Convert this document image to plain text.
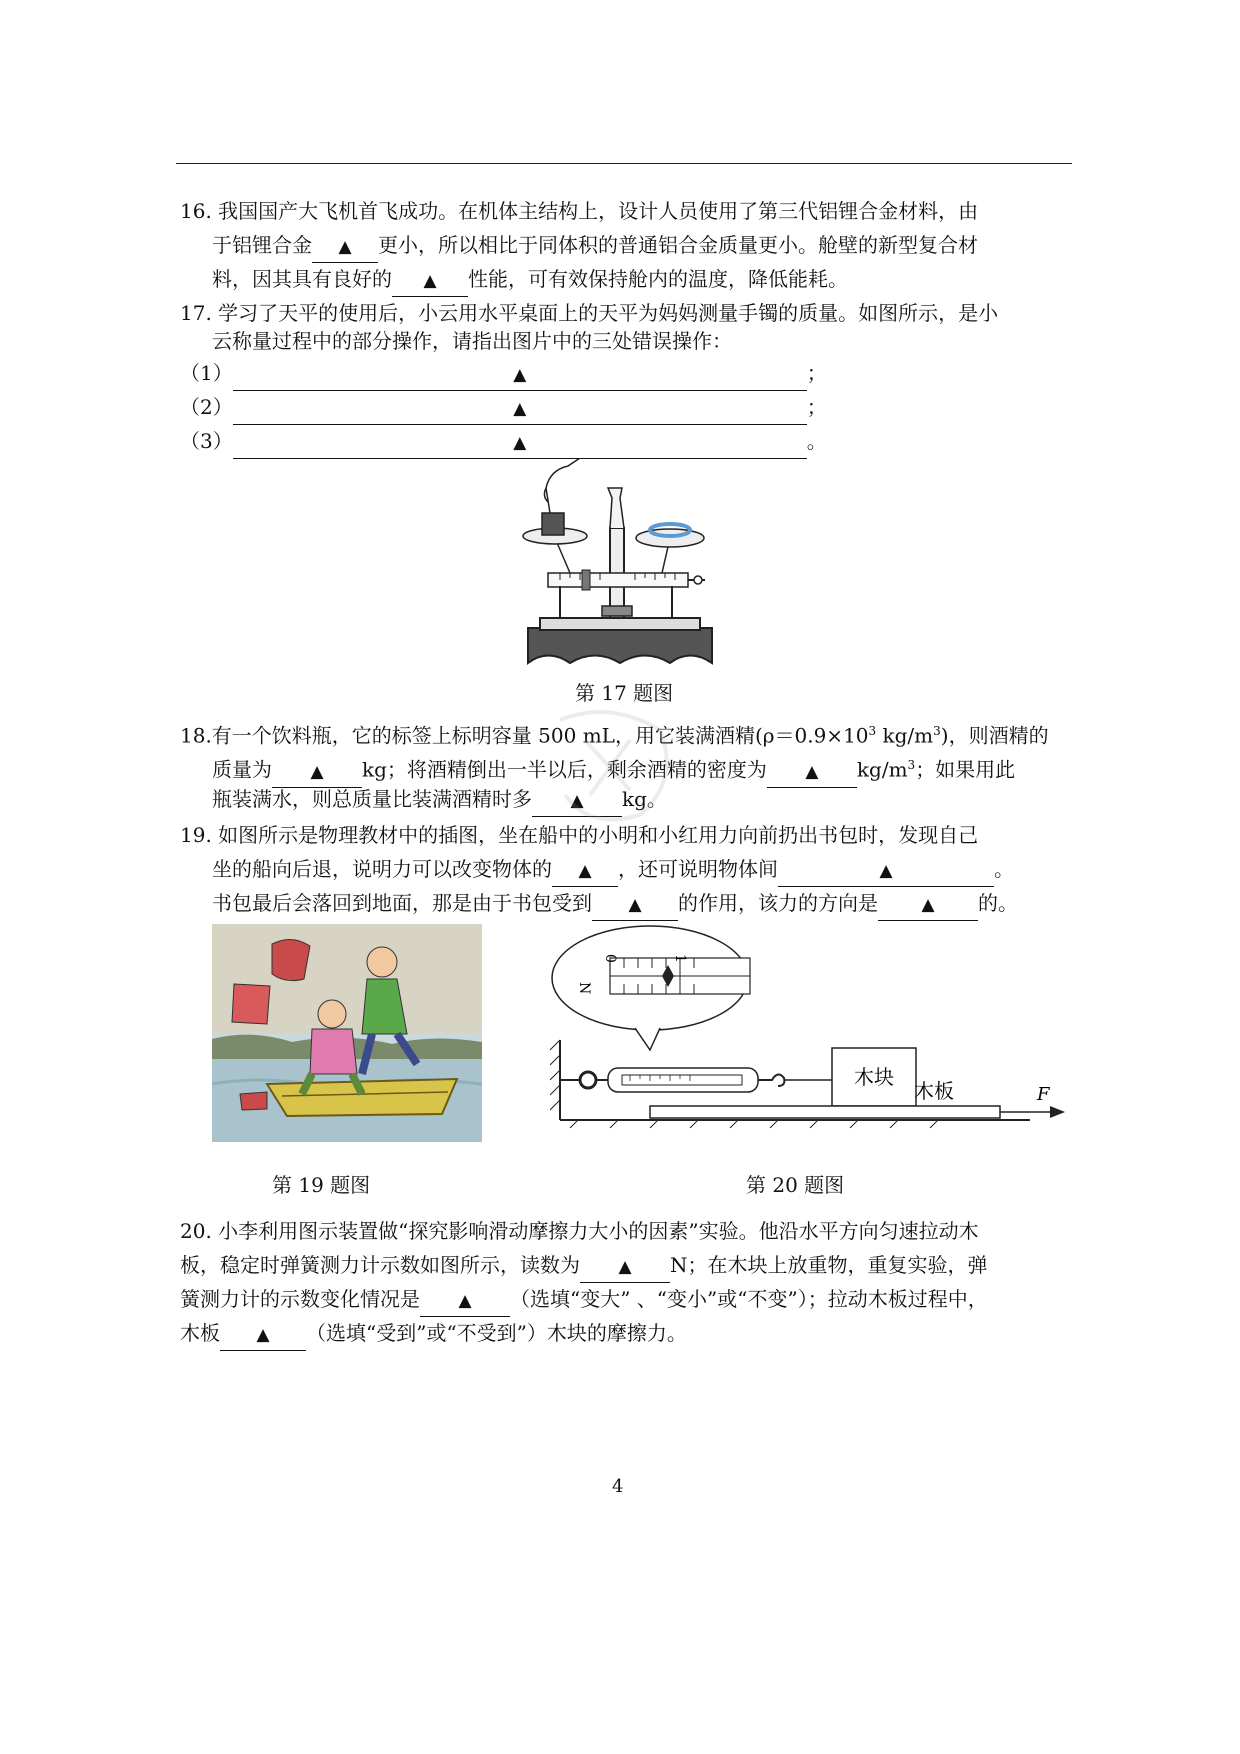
16. 我国国产大飞机首飞成功。在机体主结构上，设计人员使用了第三代铝锂合金材料，由
于铝锂合金 ▲ 更小，所以相比于同体积的普通铝合金质量更小。舱壁的新型复合材
料，因其具有良好的 ▲ 性能，可有效保持舱内的温度，降低能耗。
17. 学习了天平的使用后，小云用水平桌面上的天平为妈妈测量手镯的质量。如图所示，是小
云称量过程中的部分操作，请指出图片中的三处错误操作：
（1）	▲	；
（2）	▲	；
（3）	▲	。
第 17 题图
18.有一个饮料瓶，它的标签上标明容量 500 mL，用它装满酒精($\rho=0.9\times 10^3$ $kg/m^3$)，则酒精的
质量为 ▲ kg；将酒精倒出一半以后，剩余酒精的密度为 ▲ $kg/m^3$；如果用此
瓶装满水，则总质量比装满酒精时多 ▲ kg。
19. 如图所示是物理教材中的插图，坐在船中的小明和小红用力向前扔出书包时，发现自己
坐的船向后退，说明力可以改变物体的 ▲ ，还可说明物体间	▲	。
书包最后会落回到地面，那是由于书包受到 ▲ 的作用，该力的方向是	▲ 的。
第 19 题图
0	1
N
木块
木板	F
第 20 题图
20. 小李利用图示装置做“探究影响滑动摩擦力大小的因素”实验。他沿水平方向匀速拉动木
板，稳定时弹簧测力计示数如图所示，读数为 ▲ N；在木块上放重物，重复实验，弹
簧测力计的示数变化情况是 ▲ （选填“变大” 、“变小”或“不变”）；拉动木板过程中，
木板 ▲ （选填“受到”或“不受到”）木块的摩擦力。
4
